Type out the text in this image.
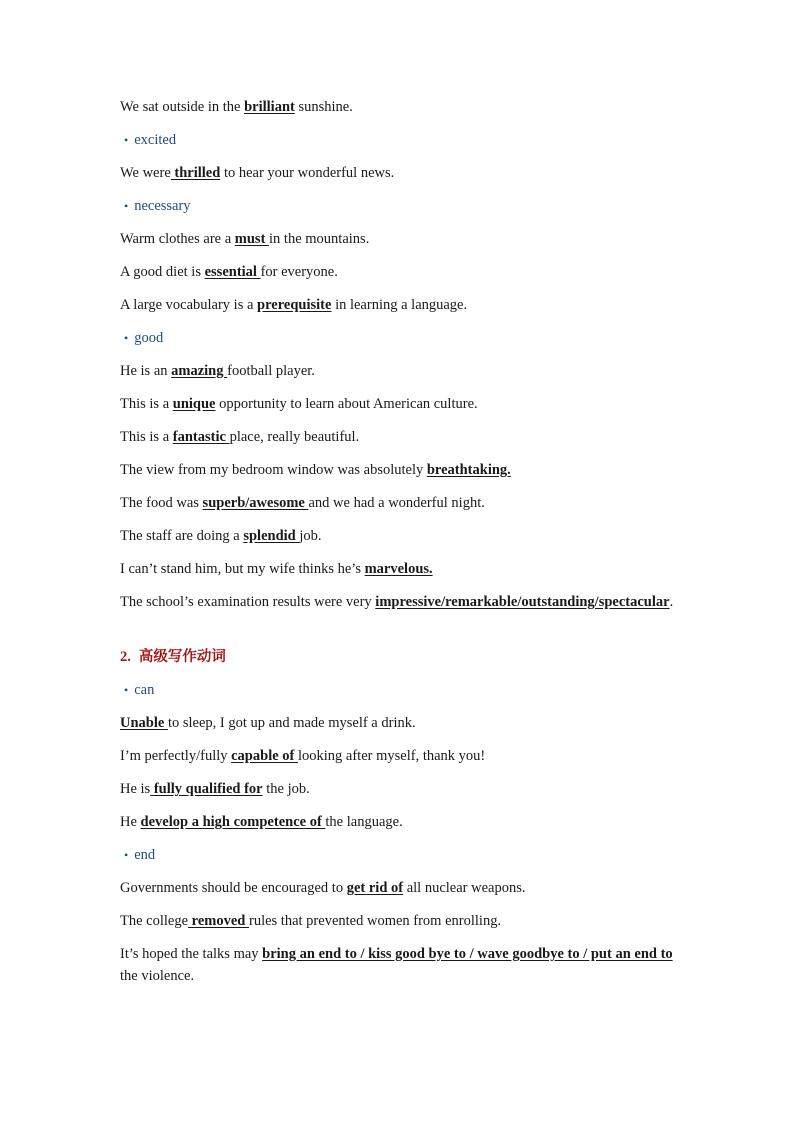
We sat outside in the brilliant sunshine.

• excited

We were thrilled to hear your wonderful news.

• necessary

Warm clothes are a must in the mountains.

A good diet is essential for everyone.

A large vocabulary is a prerequisite in learning a language.

• good

He is an amazing football player.

This is a unique opportunity to learn about American culture.

This is a fantastic place, really beautiful.

The view from my bedroom window was absolutely breathtaking.

The food was superb/awesome and we had a wonderful night.

The staff are doing a splendid job.

I can’t stand him, but my wife thinks he’s marvelous.

The school’s examination results were very impressive/remarkable/outstanding/spectacular.

2. 高级写作动词

• can

Unable to sleep, I got up and made myself a drink.

I’m perfectly/fully capable of looking after myself, thank you!

He is fully qualified for the job.

He develop a high competence of the language.

• end

Governments should be encouraged to get rid of all nuclear weapons.

The college removed rules that prevented women from enrolling.

It’s hoped the talks may bring an end to / kiss good bye to / wave goodbye to / put an end to the violence.
